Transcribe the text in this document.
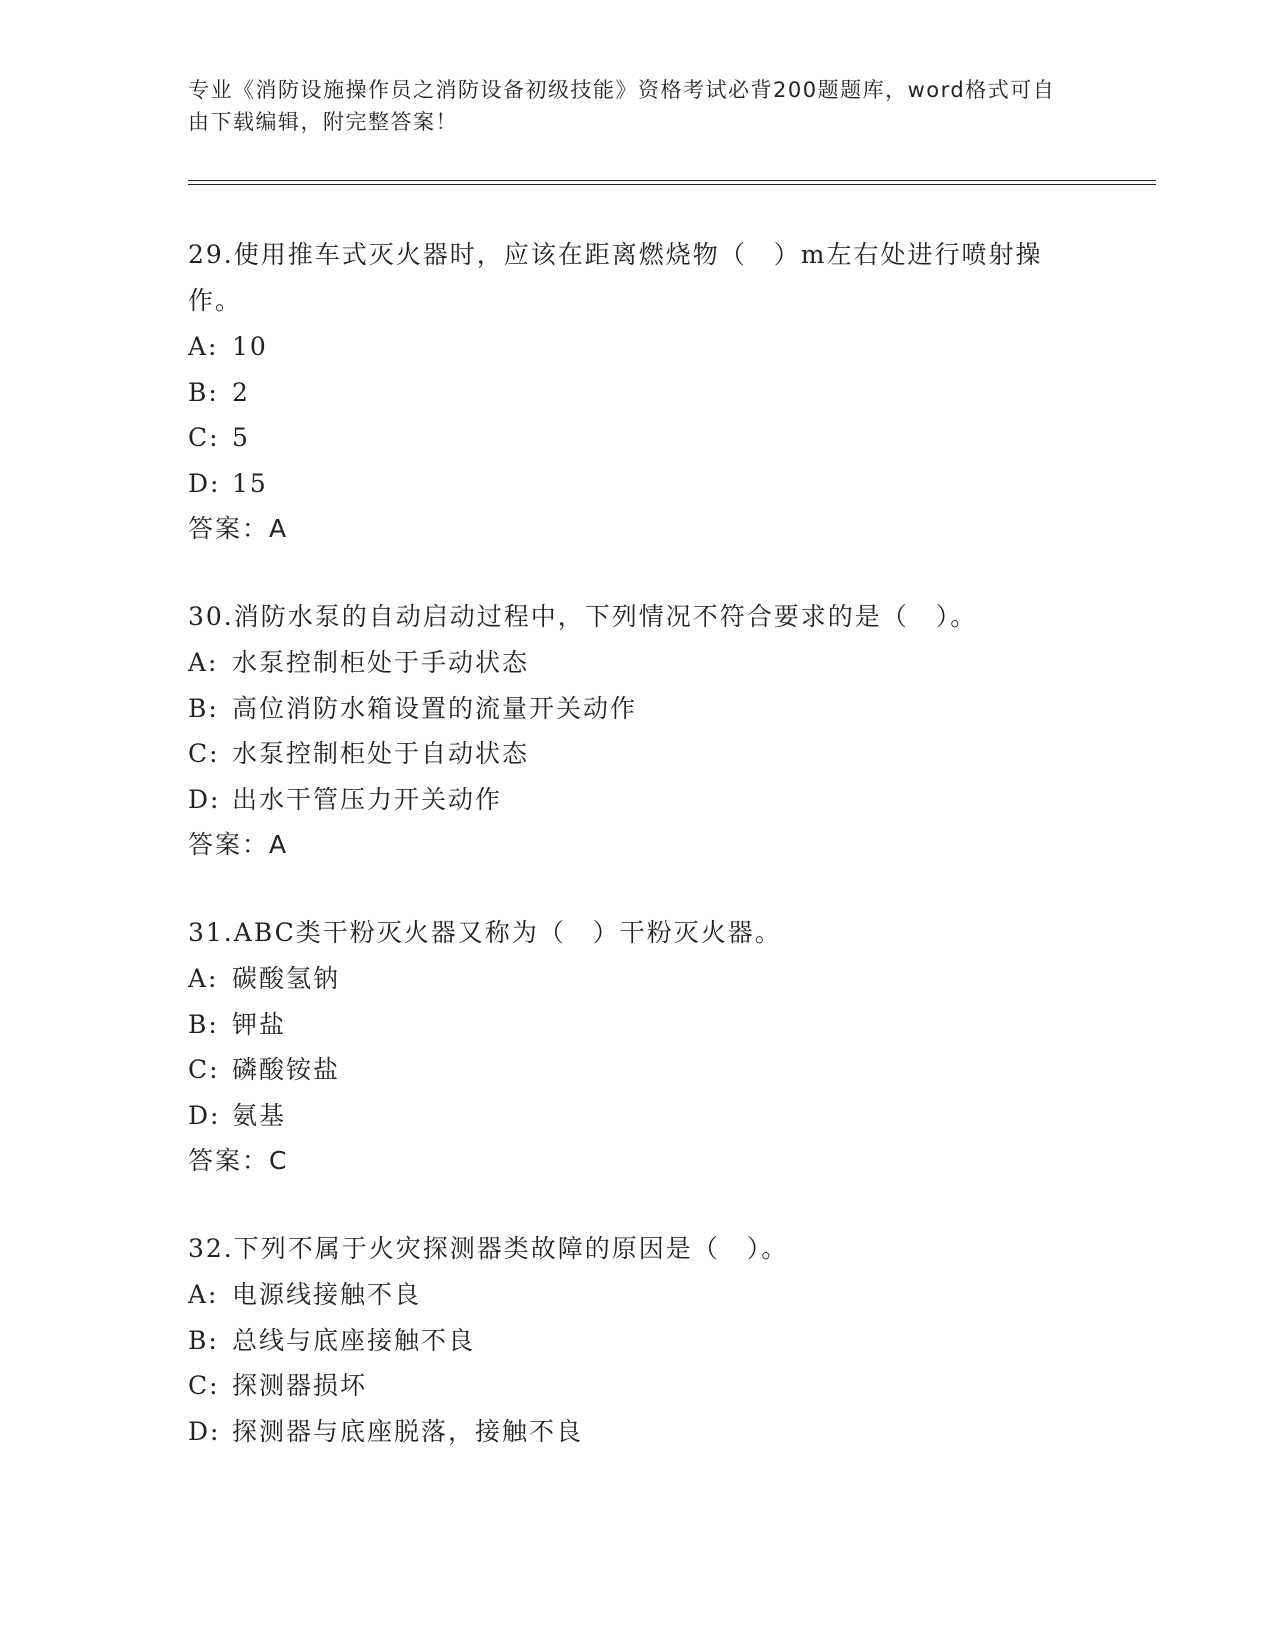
专业《消防设施操作员之消防设备初级技能》资格考试必背200题题库，word格式可自由下载编辑，附完整答案！

29.使用推车式灭火器时，应该在距离燃烧物（　）m左右处进行喷射操作。

A: 10
B: 2
C: 5
D: 15
答案：A

30.消防水泵的自动启动过程中，下列情况不符合要求的是（　）。

A: 水泵控制柜处于手动状态
B: 高位消防水箱设置的流量开关动作
C: 水泵控制柜处于自动状态
D: 出水干管压力开关动作
答案：A

31.ABC类干粉灭火器又称为（　）干粉灭火器。

A: 碳酸氢钠
B: 钾盐
C: 磷酸铵盐
D: 氨基
答案：C

32.下列不属于火灾探测器类故障的原因是（　）。

A: 电源线接触不良
B: 总线与底座接触不良
C: 探测器损坏
D: 探测器与底座脱落，接触不良
